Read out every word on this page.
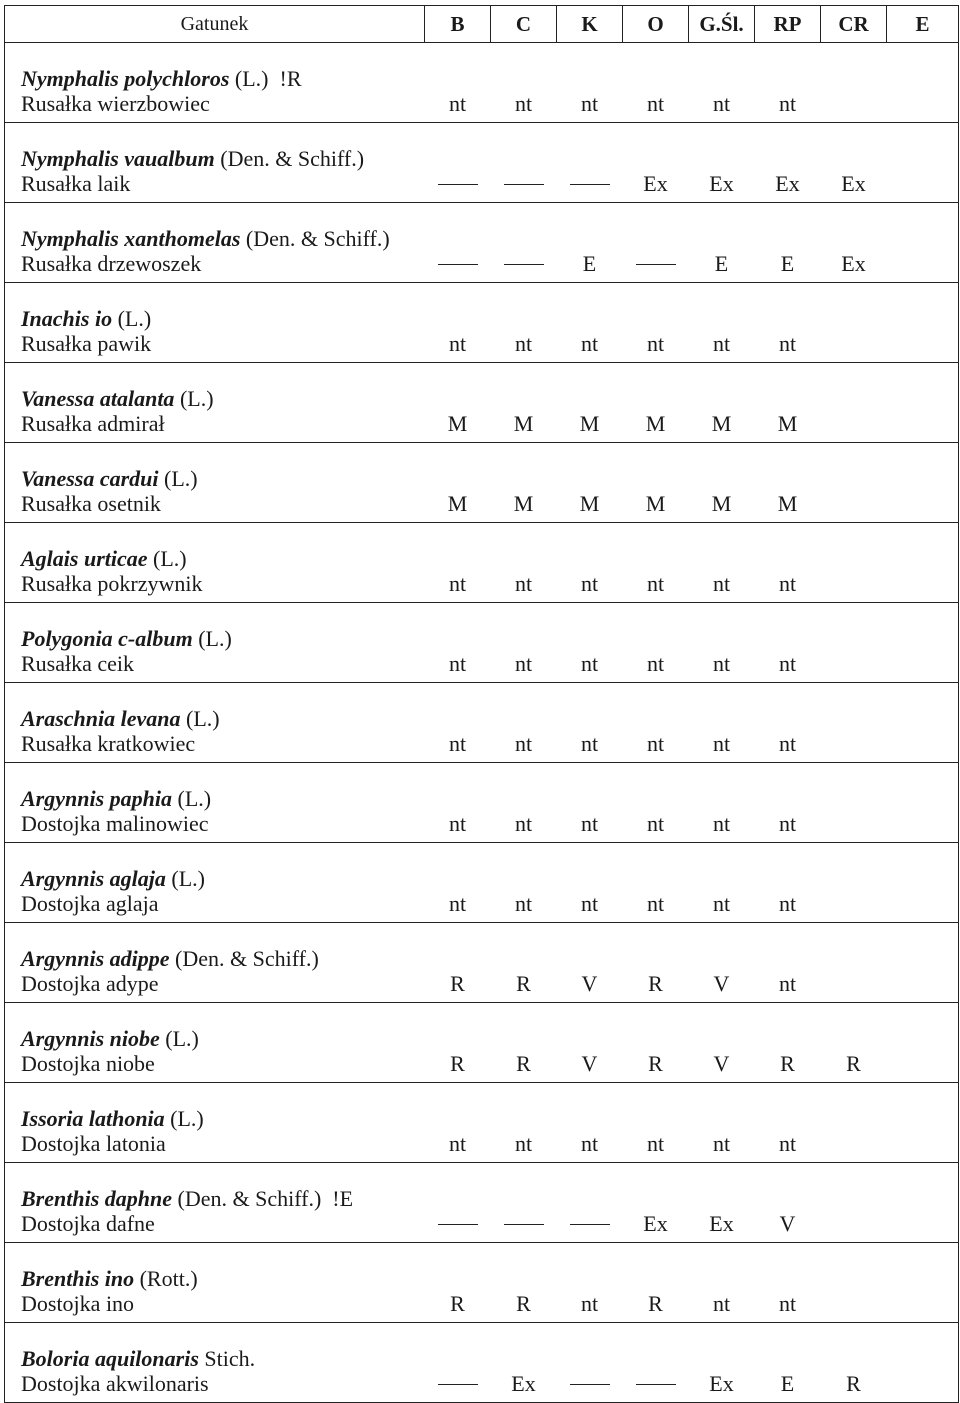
Gatunek	B	C	K	O	G.Śl.	RP	CR	E
Nymphalis polychloros (L.) !R
Rusałka wierzbowiec	nt	nt	nt	nt	nt	nt		
Nymphalis vaualbum (Den. & Schiff.)
Rusałka laik				Ex	Ex	Ex	Ex	
Nymphalis xanthomelas (Den. & Schiff.)
Rusałka drzewoszek			E		E	E	Ex	
Inachis io (L.)
Rusałka pawik	nt	nt	nt	nt	nt	nt		
Vanessa atalanta (L.)
Rusałka admirał	M	M	M	M	M	M		
Vanessa cardui (L.)
Rusałka osetnik	M	M	M	M	M	M		
Aglais urticae (L.)
Rusałka pokrzywnik	nt	nt	nt	nt	nt	nt		
Polygonia c-album (L.)
Rusałka ceik	nt	nt	nt	nt	nt	nt		
Araschnia levana (L.)
Rusałka kratkowiec	nt	nt	nt	nt	nt	nt		
Argynnis paphia (L.)
Dostojka malinowiec	nt	nt	nt	nt	nt	nt		
Argynnis aglaja (L.)
Dostojka aglaja	nt	nt	nt	nt	nt	nt		
Argynnis adippe (Den. & Schiff.)
Dostojka adype	R	R	V	R	V	nt		
Argynnis niobe (L.)
Dostojka niobe	R	R	V	R	V	R	R	
Issoria lathonia (L.)
Dostojka latonia	nt	nt	nt	nt	nt	nt		
Brenthis daphne (Den. & Schiff.) !E
Dostojka dafne				Ex	Ex	V		
Brenthis ino (Rott.)
Dostojka ino	R	R	nt	R	nt	nt		
Boloria aquilonaris Stich.
Dostojka akwilonaris		Ex			Ex	E	R	
